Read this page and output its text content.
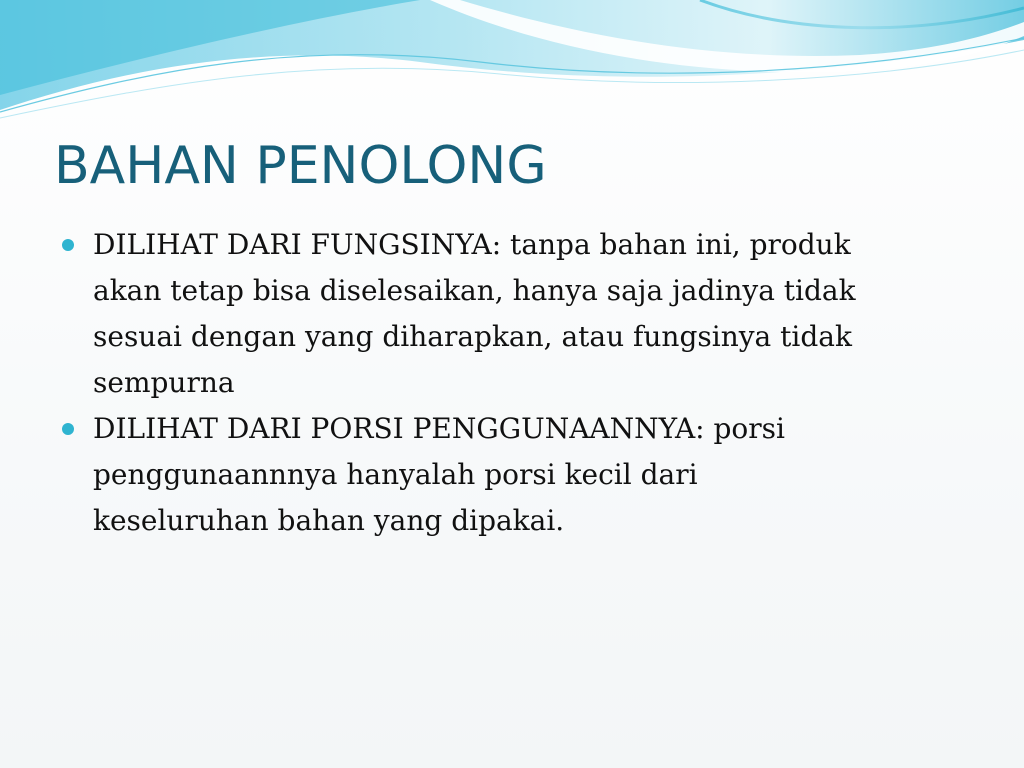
BAHAN PENOLONG
DILIHAT DARI FUNGSINYA: tanpa bahan ini, produk
akan tetap bisa diselesaikan, hanya saja jadinya tidak
sesuai dengan yang diharapkan, atau fungsinya tidak
sempurna
DILIHAT DARI PORSI PENGGUNAANNYA: porsi
penggunaannnya hanyalah porsi kecil dari
keseluruhan bahan yang dipakai.
